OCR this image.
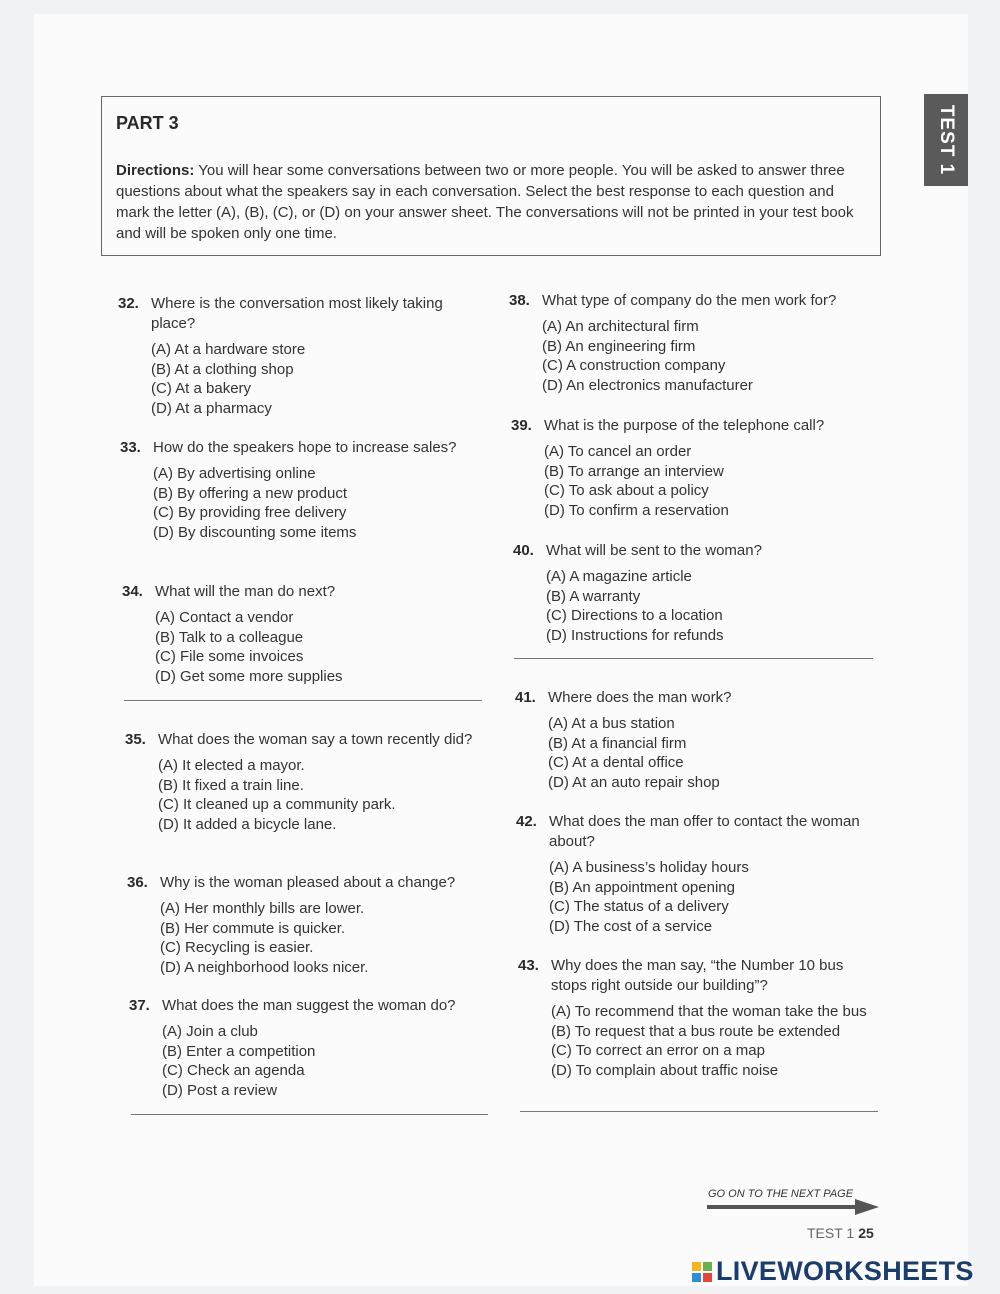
TEST 1
PART 3
Directions: You will hear some conversations between two or more people. You will be asked to answer three questions about what the speakers say in each conversation. Select the best response to each question and mark the letter (A), (B), (C), or (D) on your answer sheet. The conversations will not be printed in your test book and will be spoken only one time.
32. Where is the conversation most likely taking place?
(A) At a hardware store
(B) At a clothing shop
(C) At a bakery
(D) At a pharmacy
33. How do the speakers hope to increase sales?
(A) By advertising online
(B) By offering a new product
(C) By providing free delivery
(D) By discounting some items
34. What will the man do next?
(A) Contact a vendor
(B) Talk to a colleague
(C) File some invoices
(D) Get some more supplies
35. What does the woman say a town recently did?
(A) It elected a mayor.
(B) It fixed a train line.
(C) It cleaned up a community park.
(D) It added a bicycle lane.
36. Why is the woman pleased about a change?
(A) Her monthly bills are lower.
(B) Her commute is quicker.
(C) Recycling is easier.
(D) A neighborhood looks nicer.
37. What does the man suggest the woman do?
(A) Join a club
(B) Enter a competition
(C) Check an agenda
(D) Post a review
38. What type of company do the men work for?
(A) An architectural firm
(B) An engineering firm
(C) A construction company
(D) An electronics manufacturer
39. What is the purpose of the telephone call?
(A) To cancel an order
(B) To arrange an interview
(C) To ask about a policy
(D) To confirm a reservation
40. What will be sent to the woman?
(A) A magazine article
(B) A warranty
(C) Directions to a location
(D) Instructions for refunds
41. Where does the man work?
(A) At a bus station
(B) At a financial firm
(C) At a dental office
(D) At an auto repair shop
42. What does the man offer to contact the woman about?
(A) A business’s holiday hours
(B) An appointment opening
(C) The status of a delivery
(D) The cost of a service
43. Why does the man say, “the Number 10 bus stops right outside our building”?
(A) To recommend that the woman take the bus
(B) To request that a bus route be extended
(C) To correct an error on a map
(D) To complain about traffic noise
GO ON TO THE NEXT PAGE
TEST 1 25
LIVEWORKSHEETS
